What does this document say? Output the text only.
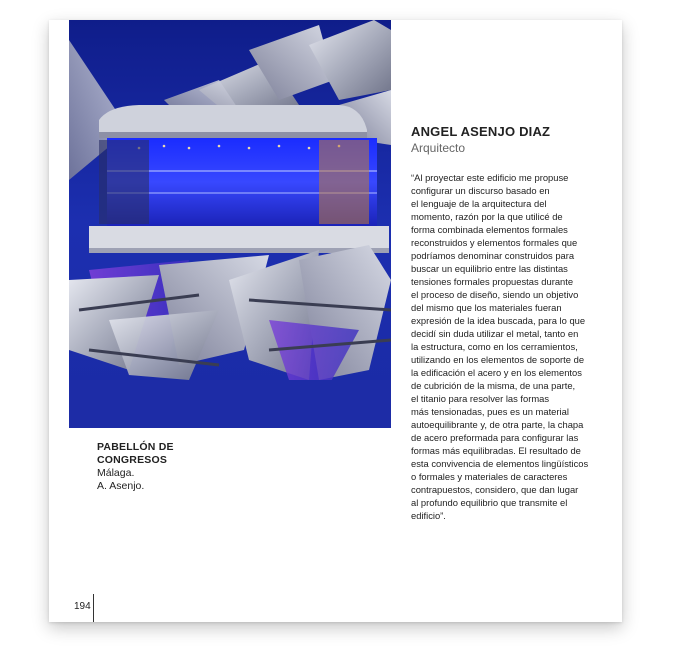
PABELLÓN DE
CONGRESOS
Málaga.
A. Asenjo.
ANGEL ASENJO DIAZ
Arquitecto
“Al proyectar este edificio me propuse
configurar un discurso basado en
el lenguaje de la arquitectura del
momento, razón por la que utilicé de
forma combinada elementos formales
reconstruidos y elementos formales que
podríamos denominar construidos para
buscar un equilibrio entre las distintas
tensiones formales propuestas durante
el proceso de diseño, siendo un objetivo
del mismo que los materiales fueran
expresión de la idea buscada, para lo que
decidí sin duda utilizar el metal, tanto en
la estructura, como en los cerramientos,
utilizando en los elementos de soporte de
la edificación el acero y en los elementos
de cubrición de la misma, de una parte,
el titanio para resolver las formas
más tensionadas, pues es un material
autoequilibrante y, de otra parte, la chapa
de acero preformada para configurar las
formas más equilibradas. El resultado de
esta convivencia de elementos lingüísticos
o formales y materiales de caracteres
contrapuestos, considero, que dan lugar
al profundo equilibrio que transmite el
edificio”.
194
